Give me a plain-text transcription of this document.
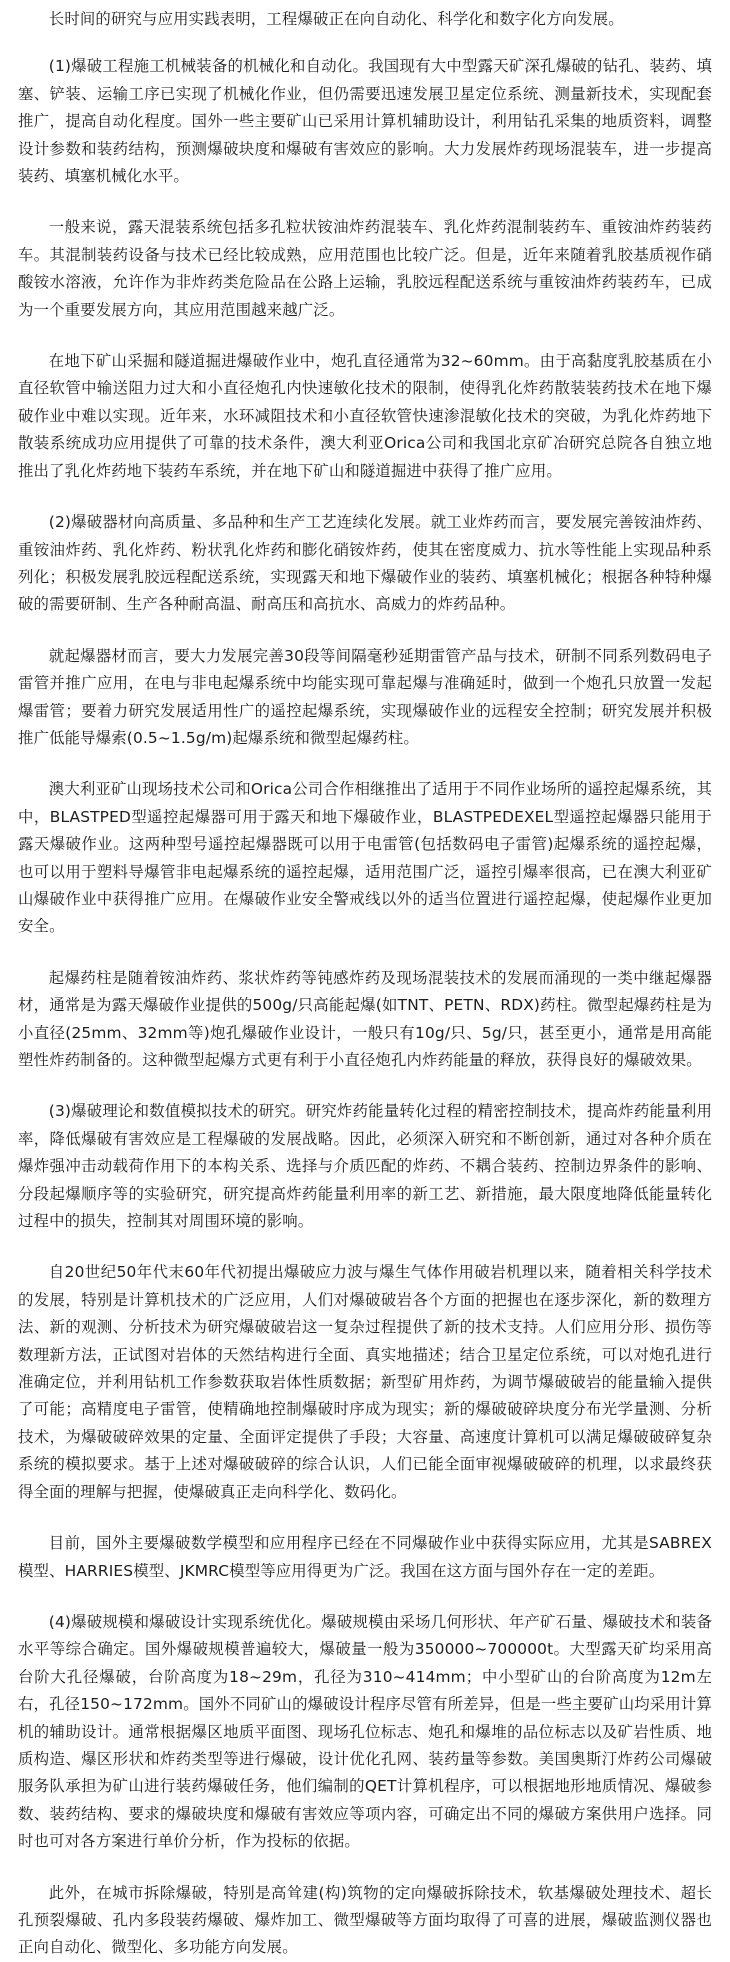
长时间的研究与应用实践表明，工程爆破正在向自动化、科学化和数字化方向发展。

(1)爆破工程施工机械装备的机械化和自动化。我国现有大中型露天矿深孔爆破的钻孔、装药、填塞、铲装、运输工序已实现了机械化作业，但仍需要迅速发展卫星定位系统、测量新技术，实现配套推广，提高自动化程度。国外一些主要矿山已采用计算机辅助设计，利用钻孔采集的地质资料，调整设计参数和装药结构，预测爆破块度和爆破有害效应的影响。大力发展炸药现场混装车，进一步提高装药、填塞机械化水平。

一般来说，露天混装系统包括多孔粒状铵油炸药混装车、乳化炸药混制装药车、重铵油炸药装药车。其混制装药设备与技术已经比较成熟，应用范围也比较广泛。但是，近年来随着乳胶基质视作硝酸铵水溶液，允许作为非炸药类危险品在公路上运输，乳胶远程配送系统与重铵油炸药装药车，已成为一个重要发展方向，其应用范围越来越广泛。

在地下矿山采掘和隧道掘进爆破作业中，炮孔直径通常为32~60mm。由于高黏度乳胶基质在小直径软管中输送阻力过大和小直径炮孔内快速敏化技术的限制，使得乳化炸药散装装药技术在地下爆破作业中难以实现。近年来，水环减阻技术和小直径软管快速渗混敏化技术的突破，为乳化炸药地下散装系统成功应用提供了可靠的技术条件，澳大利亚Orica公司和我国北京矿冶研究总院各自独立地推出了乳化炸药地下装药车系统，并在地下矿山和隧道掘进中获得了推广应用。

(2)爆破器材向高质量、多品种和生产工艺连续化发展。就工业炸药而言，要发展完善铵油炸药、重铵油炸药、乳化炸药、粉状乳化炸药和膨化硝铵炸药，使其在密度威力、抗水等性能上实现品种系列化；积极发展乳胶远程配送系统，实现露天和地下爆破作业的装药、填塞机械化；根据各种特种爆破的需要研制、生产各种耐高温、耐高压和高抗水、高威力的炸药品种。

就起爆器材而言，要大力发展完善30段等间隔毫秒延期雷管产品与技术，研制不同系列数码电子雷管并推广应用，在电与非电起爆系统中均能实现可靠起爆与准确延时，做到一个炮孔只放置一发起爆雷管；要着力研究发展适用性广的遥控起爆系统，实现爆破作业的远程安全控制；研究发展并积极推广低能导爆索(0.5~1.5g/m)起爆系统和微型起爆药柱。

澳大利亚矿山现场技术公司和Orica公司合作相继推出了适用于不同作业场所的遥控起爆系统，其中，BLASTPED型遥控起爆器可用于露天和地下爆破作业，BLASTPEDEXEL型遥控起爆器只能用于露天爆破作业。这两种型号遥控起爆器既可以用于电雷管(包括数码电子雷管)起爆系统的遥控起爆，也可以用于塑料导爆管非电起爆系统的遥控起爆，适用范围广泛，遥控引爆率很高，已在澳大利亚矿山爆破作业中获得推广应用。在爆破作业安全警戒线以外的适当位置进行遥控起爆，使起爆作业更加安全。

起爆药柱是随着铵油炸药、浆状炸药等钝感炸药及现场混装技术的发展而涌现的一类中继起爆器材，通常是为露天爆破作业提供的500g/只高能起爆(如TNT、PETN、RDX)药柱。微型起爆药柱是为小直径(25mm、32mm等)炮孔爆破作业设计，一般只有10g/只、5g/只，甚至更小，通常是用高能塑性炸药制备的。这种微型起爆方式更有利于小直径炮孔内炸药能量的释放，获得良好的爆破效果。

(3)爆破理论和数值模拟技术的研究。研究炸药能量转化过程的精密控制技术，提高炸药能量利用率，降低爆破有害效应是工程爆破的发展战略。因此，必须深入研究和不断创新，通过对各种介质在爆炸强冲击动载荷作用下的本构关系、选择与介质匹配的炸药、不耦合装药、控制边界条件的影响、分段起爆顺序等的实验研究，研究提高炸药能量利用率的新工艺、新措施，最大限度地降低能量转化过程中的损失，控制其对周围环境的影响。

自20世纪50年代末60年代初提出爆破应力波与爆生气体作用破岩机理以来，随着相关科学技术的发展，特别是计算机技术的广泛应用，人们对爆破破岩各个方面的把握也在逐步深化，新的数理方法、新的观测、分析技术为研究爆破破岩这一复杂过程提供了新的技术支持。人们应用分形、损伤等数理新方法，正试图对岩体的天然结构进行全面、真实地描述；结合卫星定位系统，可以对炮孔进行准确定位，并利用钻机工作参数获取岩体性质数据；新型矿用炸药，为调节爆破破岩的能量输入提供了可能；高精度电子雷管，使精确地控制爆破时序成为现实；新的爆破破碎块度分布光学量测、分析技术，为爆破破碎效果的定量、全面评定提供了手段；大容量、高速度计算机可以满足爆破破碎复杂系统的模拟要求。基于上述对爆破破碎的综合认识，人们已能全面审视爆破破碎的机理，以求最终获得全面的理解与把握，使爆破真正走向科学化、数码化。

目前，国外主要爆破数学模型和应用程序已经在不同爆破作业中获得实际应用，尤其是SABREX模型、HARRIES模型、JKMRC模型等应用得更为广泛。我国在这方面与国外存在一定的差距。

(4)爆破规模和爆破设计实现系统优化。爆破规模由采场几何形状、年产矿石量、爆破技术和装备水平等综合确定。国外爆破规模普遍较大，爆破量一般为350000~700000t。大型露天矿均采用高台阶大孔径爆破，台阶高度为18~29m，孔径为310~414mm；中小型矿山的台阶高度为12m左右，孔径150~172mm。国外不同矿山的爆破设计程序尽管有所差异，但是一些主要矿山均采用计算机的辅助设计。通常根据爆区地质平面图、现场孔位标志、炮孔和爆堆的品位标志以及矿岩性质、地质构造、爆区形状和炸药类型等进行爆破，设计优化孔网、装药量等参数。美国奥斯汀炸药公司爆破服务队承担为矿山进行装药爆破任务，他们编制的QET计算机程序，可以根据地形地质情况、爆破参数、装药结构、要求的爆破块度和爆破有害效应等项内容，可确定出不同的爆破方案供用户选择。同时也可对各方案进行单价分析，作为投标的依据。

此外，在城市拆除爆破，特别是高耸建(构)筑物的定向爆破拆除技术，软基爆破处理技术、超长孔预裂爆破、孔内多段装药爆破、爆炸加工、微型爆破等方面均取得了可喜的进展，爆破监测仪器也正向自动化、微型化、多功能方向发展。
